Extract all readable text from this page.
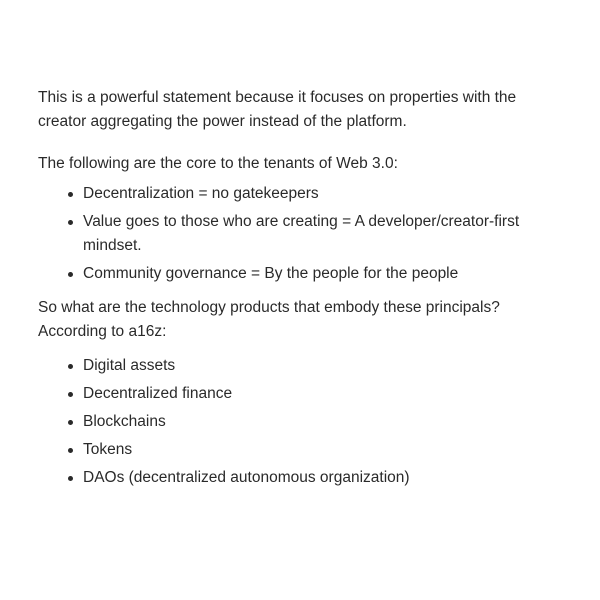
This is a powerful statement because it focuses on properties with the creator aggregating the power instead of the platform.

The following are the core to the tenants of Web 3.0:

Decentralization = no gatekeepers
Value goes to those who are creating = A developer/creator-first mindset.
Community governance = By the people for the people

So what are the technology products that embody these principals? According to a16z:

Digital assets
Decentralized finance
Blockchains
Tokens
DAOs (decentralized autonomous organization)
